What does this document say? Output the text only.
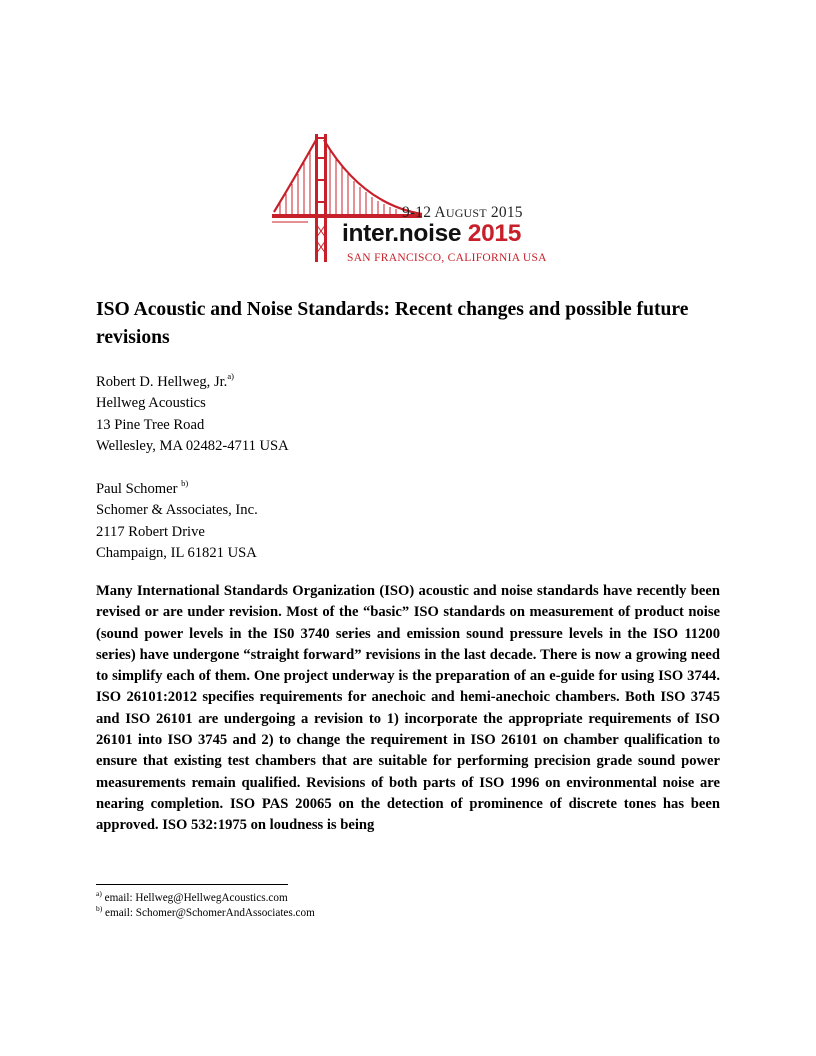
9-12 AUGUST 2015
inter.noise 2015
SAN FRANCISCO, CALIFORNIA USA
ISO Acoustic and Noise Standards: Recent changes and possible future revisions
Robert D. Hellweg, Jr.$^{a)}$
Hellweg Acoustics
13 Pine Tree Road
Wellesley, MA 02482-4711 USA
Paul Schomer $^{b)}$
Schomer & Associates, Inc.
2117 Robert Drive
Champaign, IL 61821 USA

Many International Standards Organization (ISO) acoustic and noise standards have recently been revised or are under revision. Most of the “basic” ISO standards on measurement of product noise (sound power levels in the IS0 3740 series and emission sound pressure levels in the ISO 11200 series) have undergone “straight forward” revisions in the last decade. There is now a growing need to simplify each of them. One project underway is the preparation of an e-guide for using ISO 3744. ISO 26101:2012 specifies requirements for anechoic and hemi-anechoic chambers. Both ISO 3745 and ISO 26101 are undergoing a revision to 1) incorporate the appropriate requirements of ISO 26101 into ISO 3745 and 2) to change the requirement in ISO 26101 on chamber qualification to ensure that existing test chambers that are suitable for performing precision grade sound power measurements remain qualified. Revisions of both parts of ISO 1996 on environmental noise are nearing completion. ISO PAS 20065 on the detection of prominence of discrete tones has been approved. ISO 532:1975 on loudness is being

$^{a)}$ email: Hellweg@HellwegAcoustics.com
$^{b)}$ email: Schomer@SchomerAndAssociates.com
